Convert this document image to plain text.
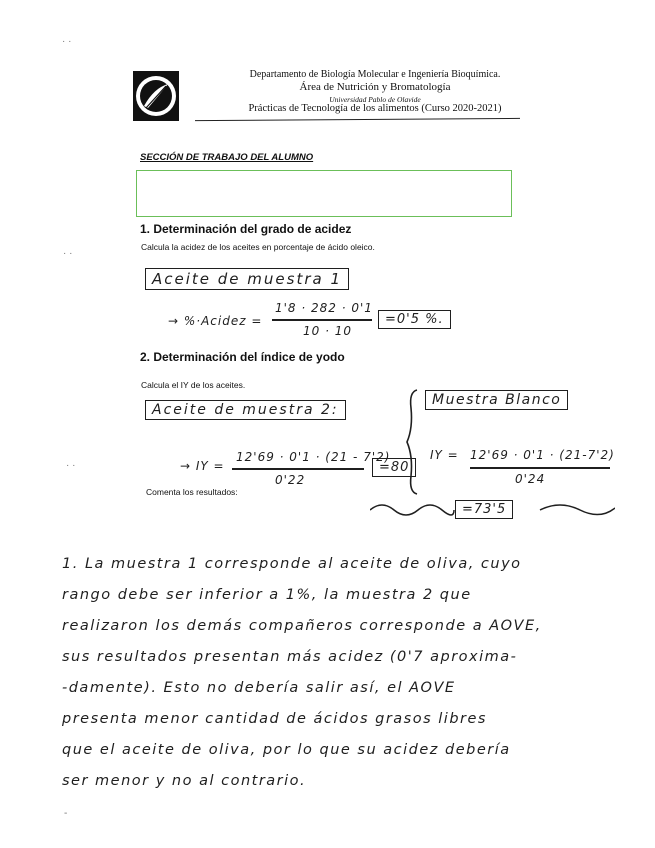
· ·
· ·
· ·
Departamento de Biología Molecular e Ingeniería Bioquímica.
Área de Nutrición y Bromatología
Universidad Pablo de Olavide
Prácticas de Tecnología de los alimentos (Curso 2020-2021)
SECCIÓN DE TRABAJO DEL ALUMNO
1. Determinación del grado de acidez
Calcula la acidez de los aceites en porcentaje de ácido oleico.
Aceite de muestra 1
→ %·Acidez =
1'8 · 282 · 0'1
10 · 10
=0'5 %.
2. Determinación del índice de yodo
Calcula el IY de los aceites.
Aceite de muestra 2:
Muestra Blanco
→ IY =
12'69 · 0'1 · (21 - 7'2)
0'22
=80
IY = 12'69 · 0'1 · (21-7'2)
0'24
=73'5
Comenta los resultados:
1. La muestra 1 corresponde al aceite de oliva, cuyo
rango debe ser inferior a 1%, la muestra 2 que
realizaron los demás compañeros corresponde a AOVE,
sus resultados presentan más acidez (0'7 aproxima-
-damente). Esto no debería salir así, el AOVE
presenta menor cantidad de ácidos grasos libres
que el aceite de oliva, por lo que su acidez debería
ser menor y no al contrario.
-
